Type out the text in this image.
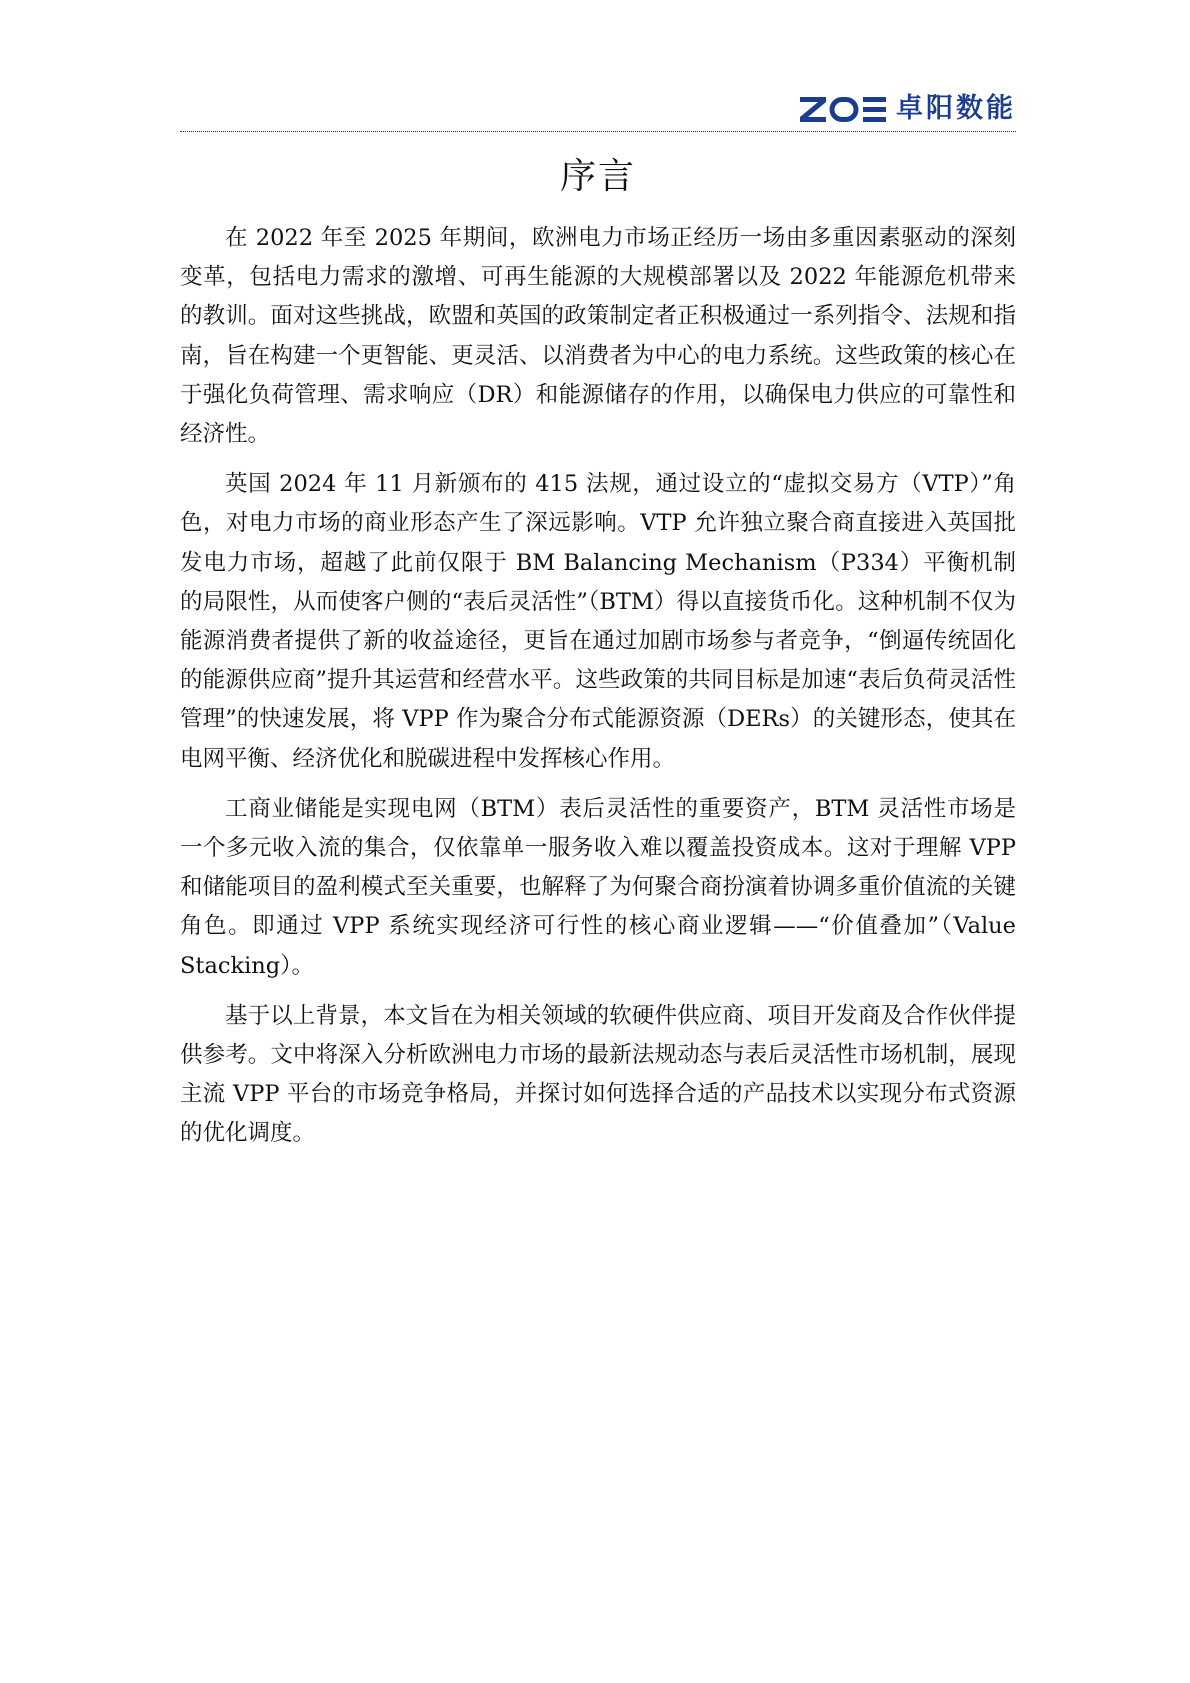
卓阳数能
序言

在 2022 年至 2025 年期间，欧洲电力市场正经历一场由多重因素驱动的深刻变革，包括电力需求的激增、可再生能源的大规模部署以及 2022 年能源危机带来的教训。面对这些挑战，欧盟和英国的政策制定者正积极通过一系列指令、法规和指南，旨在构建一个更智能、更灵活、以消费者为中心的电力系统。这些政策的核心在于强化负荷管理、需求响应（DR）和能源储存的作用，以确保电力供应的可靠性和经济性。

英国 2024 年 11 月新颁布的 415 法规，通过设立的“虚拟交易方（VTP）”角色，对电力市场的商业形态产生了深远影响。VTP 允许独立聚合商直接进入英国批发电力市场，超越了此前仅限于 BM Balancing Mechanism（P334）平衡机制的局限性，从而使客户侧的“表后灵活性”（BTM）得以直接货币化。这种机制不仅为能源消费者提供了新的收益途径，更旨在通过加剧市场参与者竞争，“倒逼传统固化的能源供应商”提升其运营和经营水平。这些政策的共同目标是加速“表后负荷灵活性管理”的快速发展，将 VPP 作为聚合分布式能源资源（DERs）的关键形态，使其在电网平衡、经济优化和脱碳进程中发挥核心作用。

工商业储能是实现电网（BTM）表后灵活性的重要资产，BTM 灵活性市场是一个多元收入流的集合，仅依靠单一服务收入难以覆盖投资成本。这对于理解 VPP 和储能项目的盈利模式至关重要，也解释了为何聚合商扮演着协调多重价值流的关键角色。即通过 VPP 系统实现经济可行性的核心商业逻辑——“价值叠加”（Value Stacking）。

基于以上背景，本文旨在为相关领域的软硬件供应商、项目开发商及合作伙伴提供参考。文中将深入分析欧洲电力市场的最新法规动态与表后灵活性市场机制，展现主流 VPP 平台的市场竞争格局，并探讨如何选择合适的产品技术以实现分布式资源的优化调度。
